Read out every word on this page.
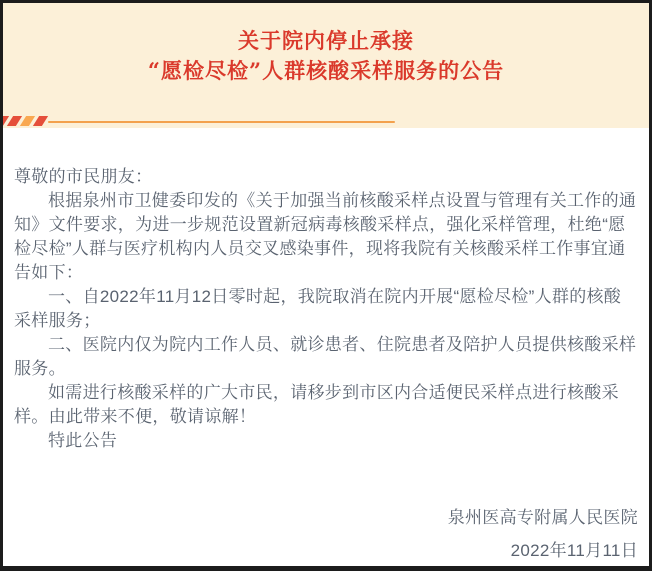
关于院内停止承接
“愿检尽检”人群核酸采样服务的公告

尊敬的市民朋友：

根据泉州市卫健委印发的《关于加强当前核酸采样点设置与管理有关工作的通知》文件要求，为进一步规范设置新冠病毒核酸采样点，强化采样管理，杜绝“愿检尽检”人群与医疗机构内人员交叉感染事件，现将我院有关核酸采样工作事宜通告如下：

一、自2022年11月12日零时起，我院取消在院内开展“愿检尽检”人群的核酸采样服务；

二、医院内仅为院内工作人员、就诊患者、住院患者及陪护人员提供核酸采样服务。

如需进行核酸采样的广大市民，请移步到市区内合适便民采样点进行核酸采样。由此带来不便，敬请谅解！

特此公告

泉州医高专附属人民医院
2022年11月11日
